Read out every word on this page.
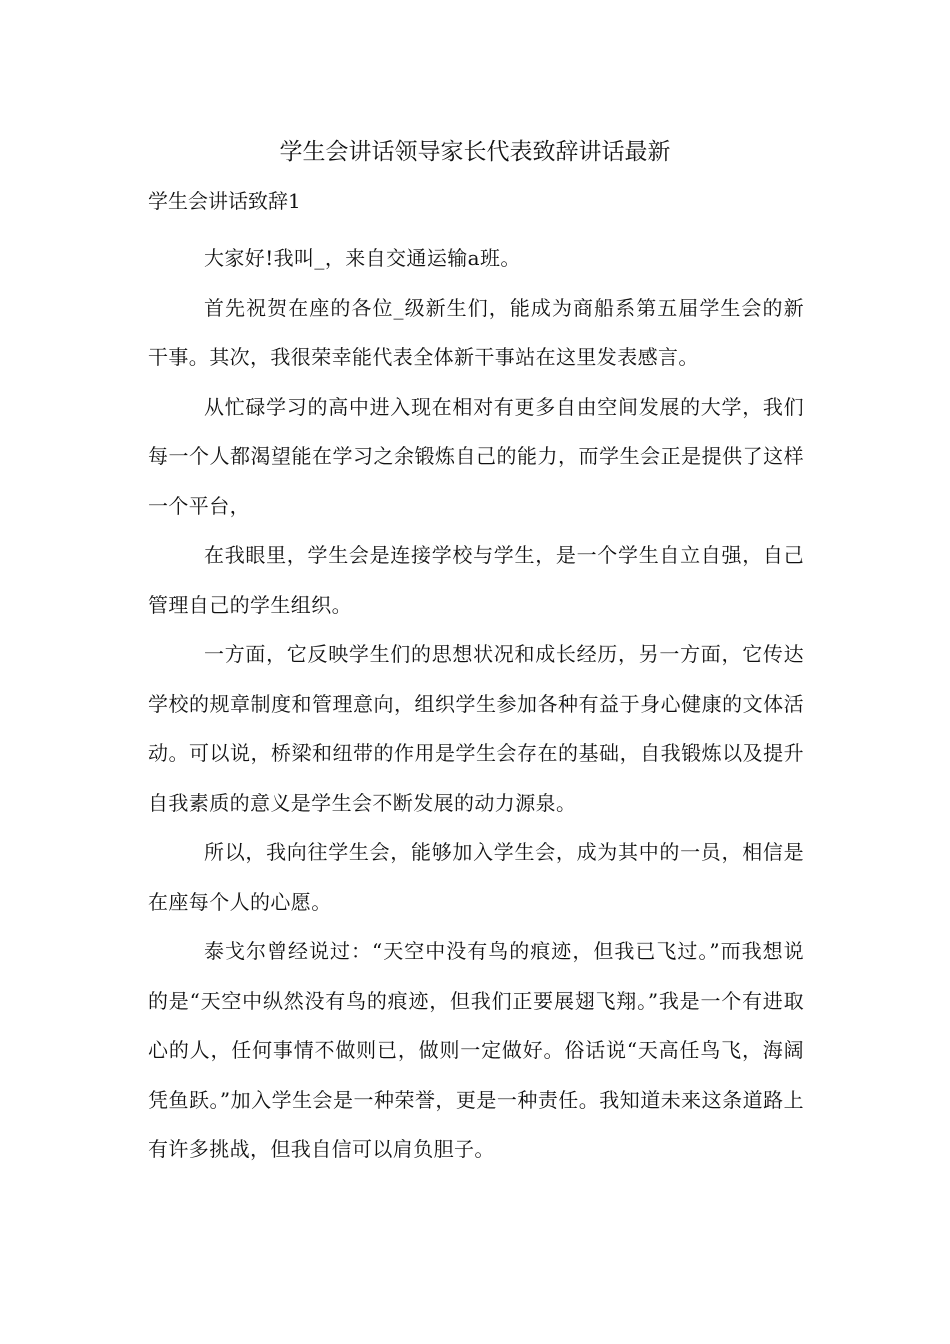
学生会讲话领导家长代表致辞讲话最新
学生会讲话致辞1

大家好!我叫_，来自交通运输a班。

首先祝贺在座的各位_级新生们，能成为商船系第五届学生会的新干事。其次，我很荣幸能代表全体新干事站在这里发表感言。

从忙碌学习的高中进入现在相对有更多自由空间发展的大学，我们每一个人都渴望能在学习之余锻炼自己的能力，而学生会正是提供了这样一个平台，

在我眼里，学生会是连接学校与学生，是一个学生自立自强，自己管理自己的学生组织。

一方面，它反映学生们的思想状况和成长经历，另一方面，它传达学校的规章制度和管理意向，组织学生参加各种有益于身心健康的文体活动。可以说，桥梁和纽带的作用是学生会存在的基础，自我锻炼以及提升自我素质的意义是学生会不断发展的动力源泉。

所以，我向往学生会，能够加入学生会，成为其中的一员，相信是在座每个人的心愿。

泰戈尔曾经说过：“天空中没有鸟的痕迹，但我已飞过。”而我想说的是“天空中纵然没有鸟的痕迹，但我们正要展翅飞翔。”我是一个有进取心的人，任何事情不做则已，做则一定做好。俗话说“天高任鸟飞，海阔凭鱼跃。”加入学生会是一种荣誉，更是一种责任。我知道未来这条道路上有许多挑战，但我自信可以肩负胆子。
